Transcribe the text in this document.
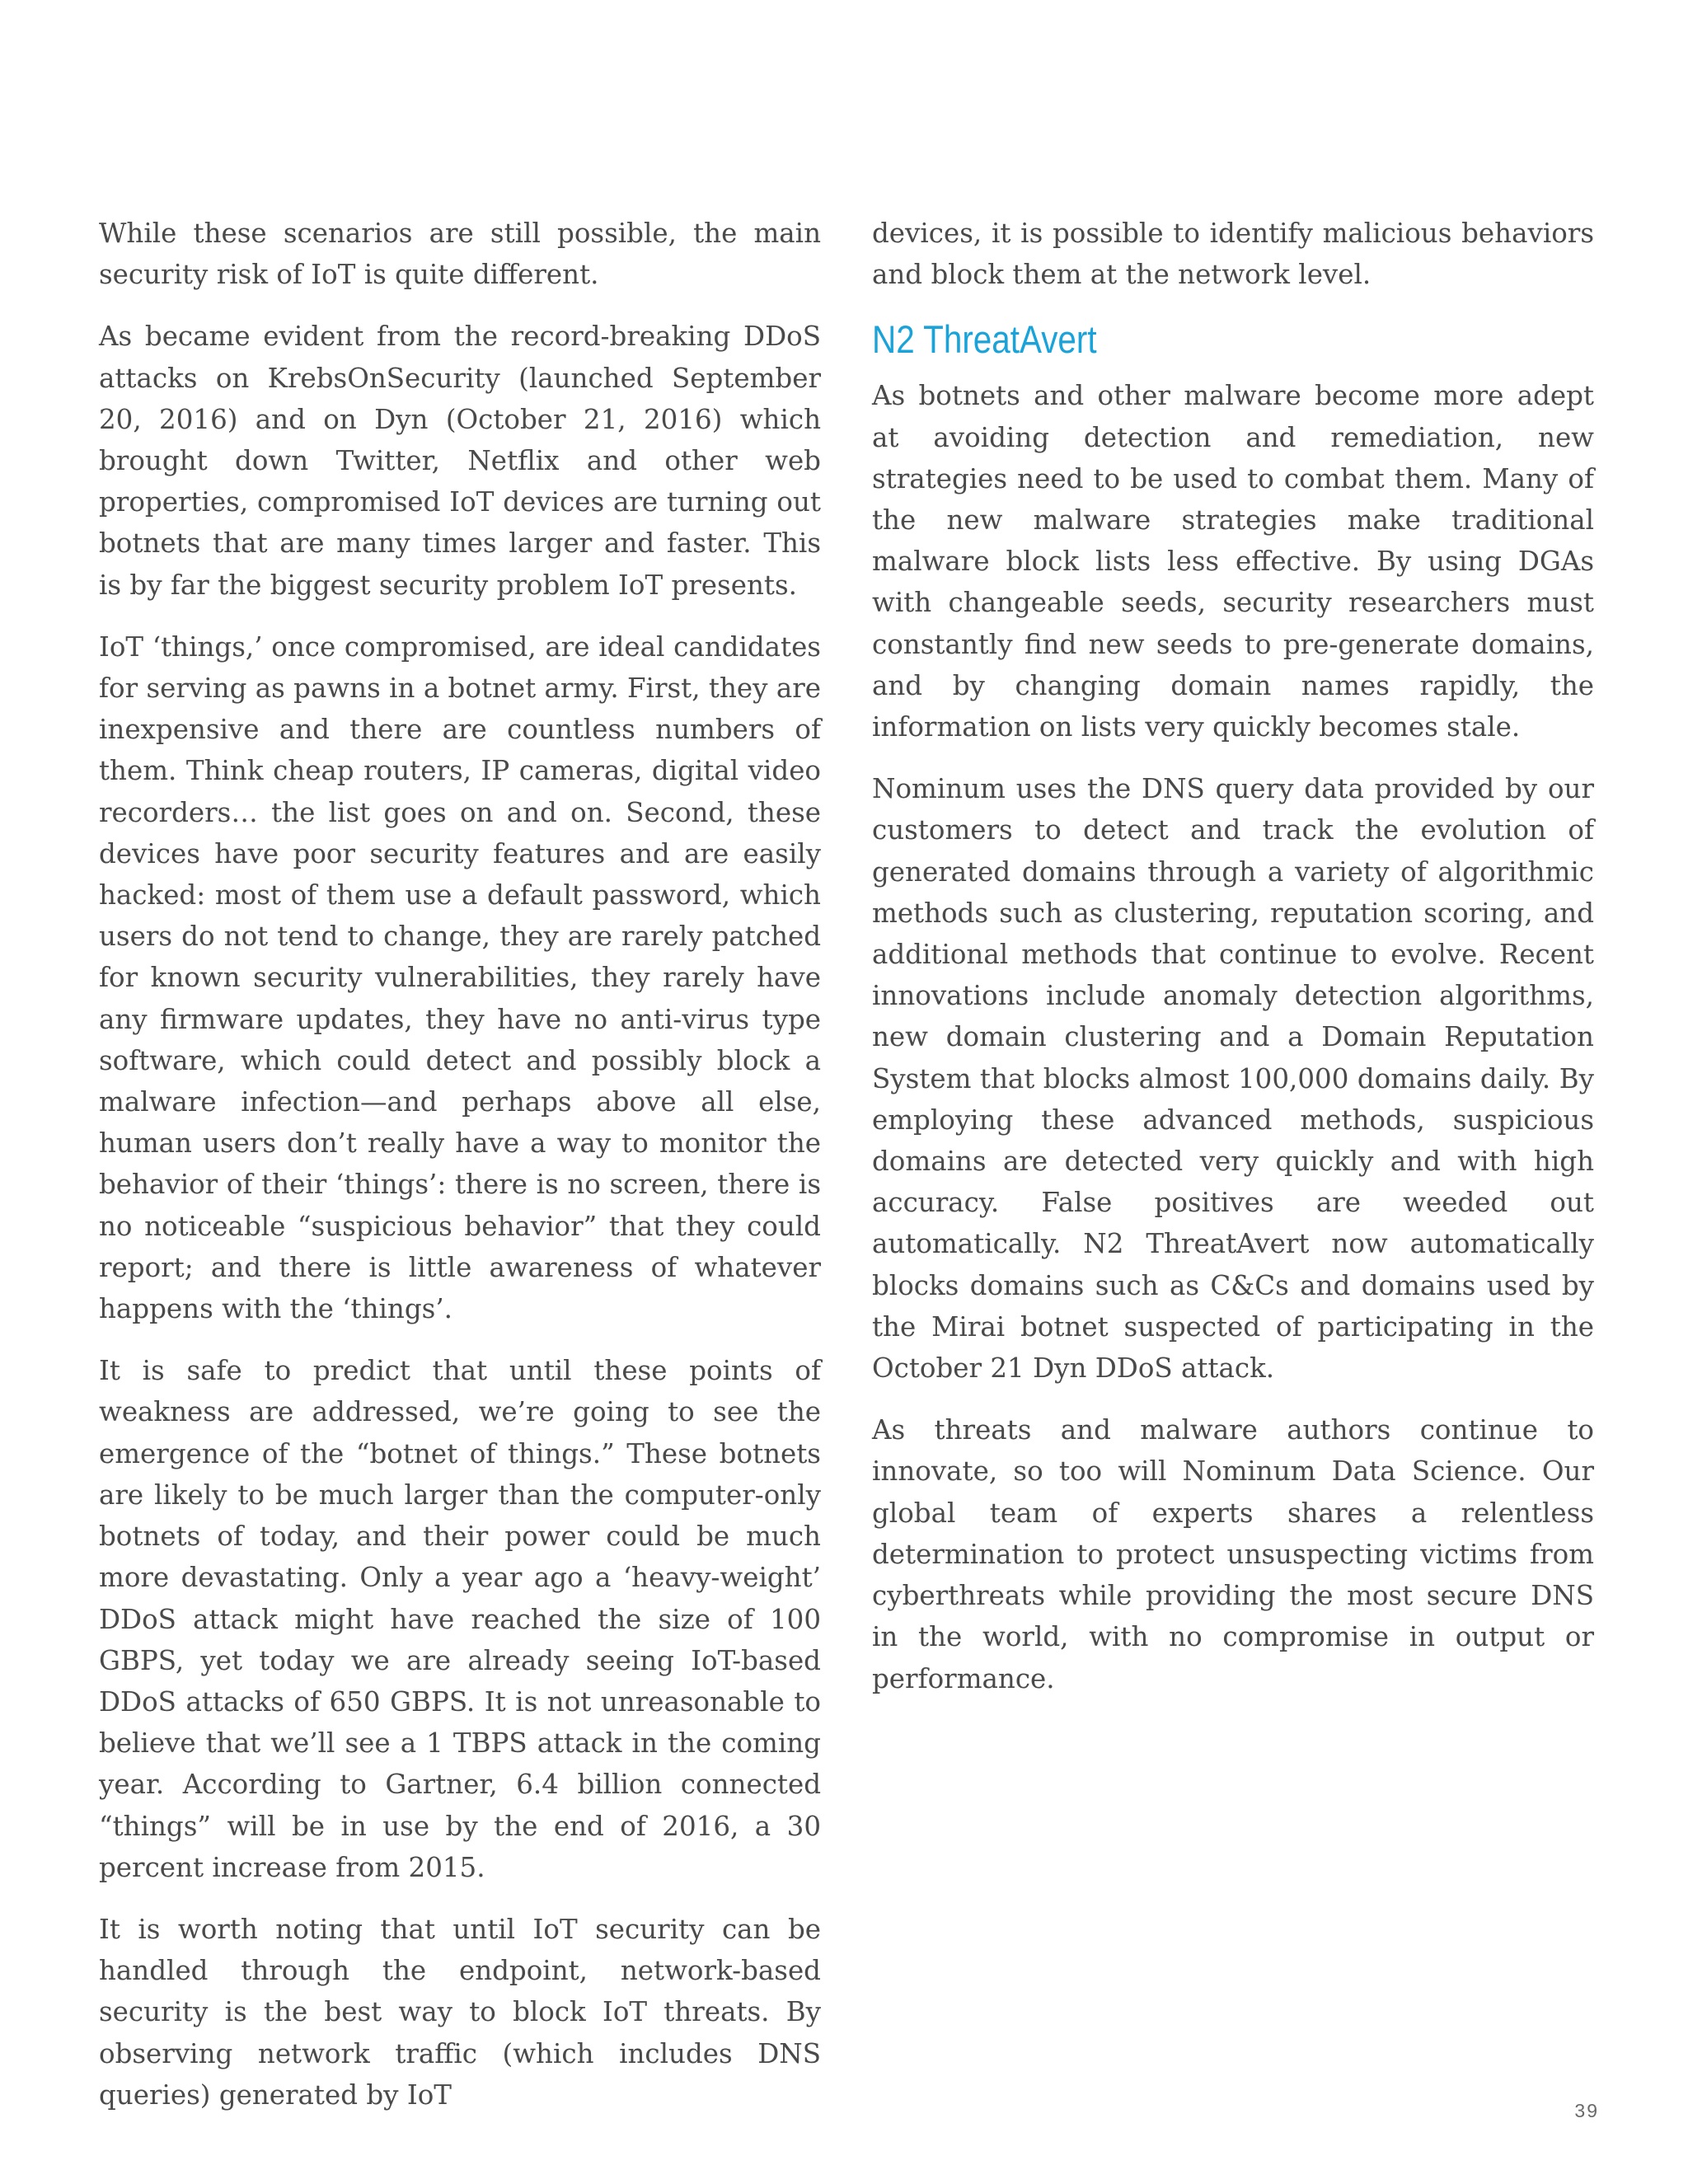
While these scenarios are still possible, the main security risk of IoT is quite different.

As became evident from the record-breaking DDoS attacks on KrebsOnSecurity (launched September 20, 2016) and on Dyn (October 21, 2016) which brought down Twitter, Netflix and other web properties, compromised IoT devices are turning out botnets that are many times larger and faster. This is by far the biggest security problem IoT presents.

IoT ‘things,’ once compromised, are ideal candidates for serving as pawns in a botnet army. First, they are inexpensive and there are countless numbers of them. Think cheap routers, IP cameras, digital video recorders… the list goes on and on. Second, these devices have poor security features and are easily hacked: most of them use a default password, which users do not tend to change, they are rarely patched for known security vulnerabilities, they rarely have any firmware updates, they have no anti-virus type software, which could detect and possibly block a malware infection—and perhaps above all else, human users don’t really have a way to monitor the behavior of their ‘things’: there is no screen, there is no noticeable “suspicious behavior” that they could report; and there is little awareness of whatever happens with the ‘things’.

It is safe to predict that until these points of weakness are addressed, we’re going to see the emergence of the “botnet of things.” These botnets are likely to be much larger than the computer-only botnets of today, and their power could be much more devastating. Only a year ago a ‘heavy-weight’ DDoS attack might have reached the size of 100 GBPS, yet today we are already seeing IoT-based DDoS attacks of 650 GBPS. It is not unreasonable to believe that we’ll see a 1 TBPS attack in the coming year. According to Gartner, 6.4 billion connected “things” will be in use by the end of 2016, a 30 percent increase from 2015.

It is worth noting that until IoT security can be handled through the endpoint, network-based security is the best way to block IoT threats. By observing network traffic (which includes DNS queries) generated by IoT

devices, it is possible to identify malicious behaviors and block them at the network level.

N2 ThreatAvert

As botnets and other malware become more adept at avoiding detection and remediation, new strategies need to be used to combat them. Many of the new malware strategies make traditional malware block lists less effective. By using DGAs with changeable seeds, security researchers must constantly find new seeds to pre-generate domains, and by changing domain names rapidly, the information on lists very quickly becomes stale.

Nominum uses the DNS query data provided by our customers to detect and track the evolution of generated domains through a variety of algorithmic methods such as clustering, reputation scoring, and additional methods that continue to evolve. Recent innovations include anomaly detection algorithms, new domain clustering and a Domain Reputation System that blocks almost 100,000 domains daily. By employing these advanced methods, suspicious domains are detected very quickly and with high accuracy. False positives are weeded out automatically. N2 ThreatAvert now automatically blocks domains such as C&Cs and domains used by the Mirai botnet suspected of participating in the October 21 Dyn DDoS attack.

As threats and malware authors continue to innovate, so too will Nominum Data Science. Our global team of experts shares a relentless determination to protect unsuspecting victims from cyberthreats while providing the most secure DNS in the world, with no compromise in output or performance.

39
